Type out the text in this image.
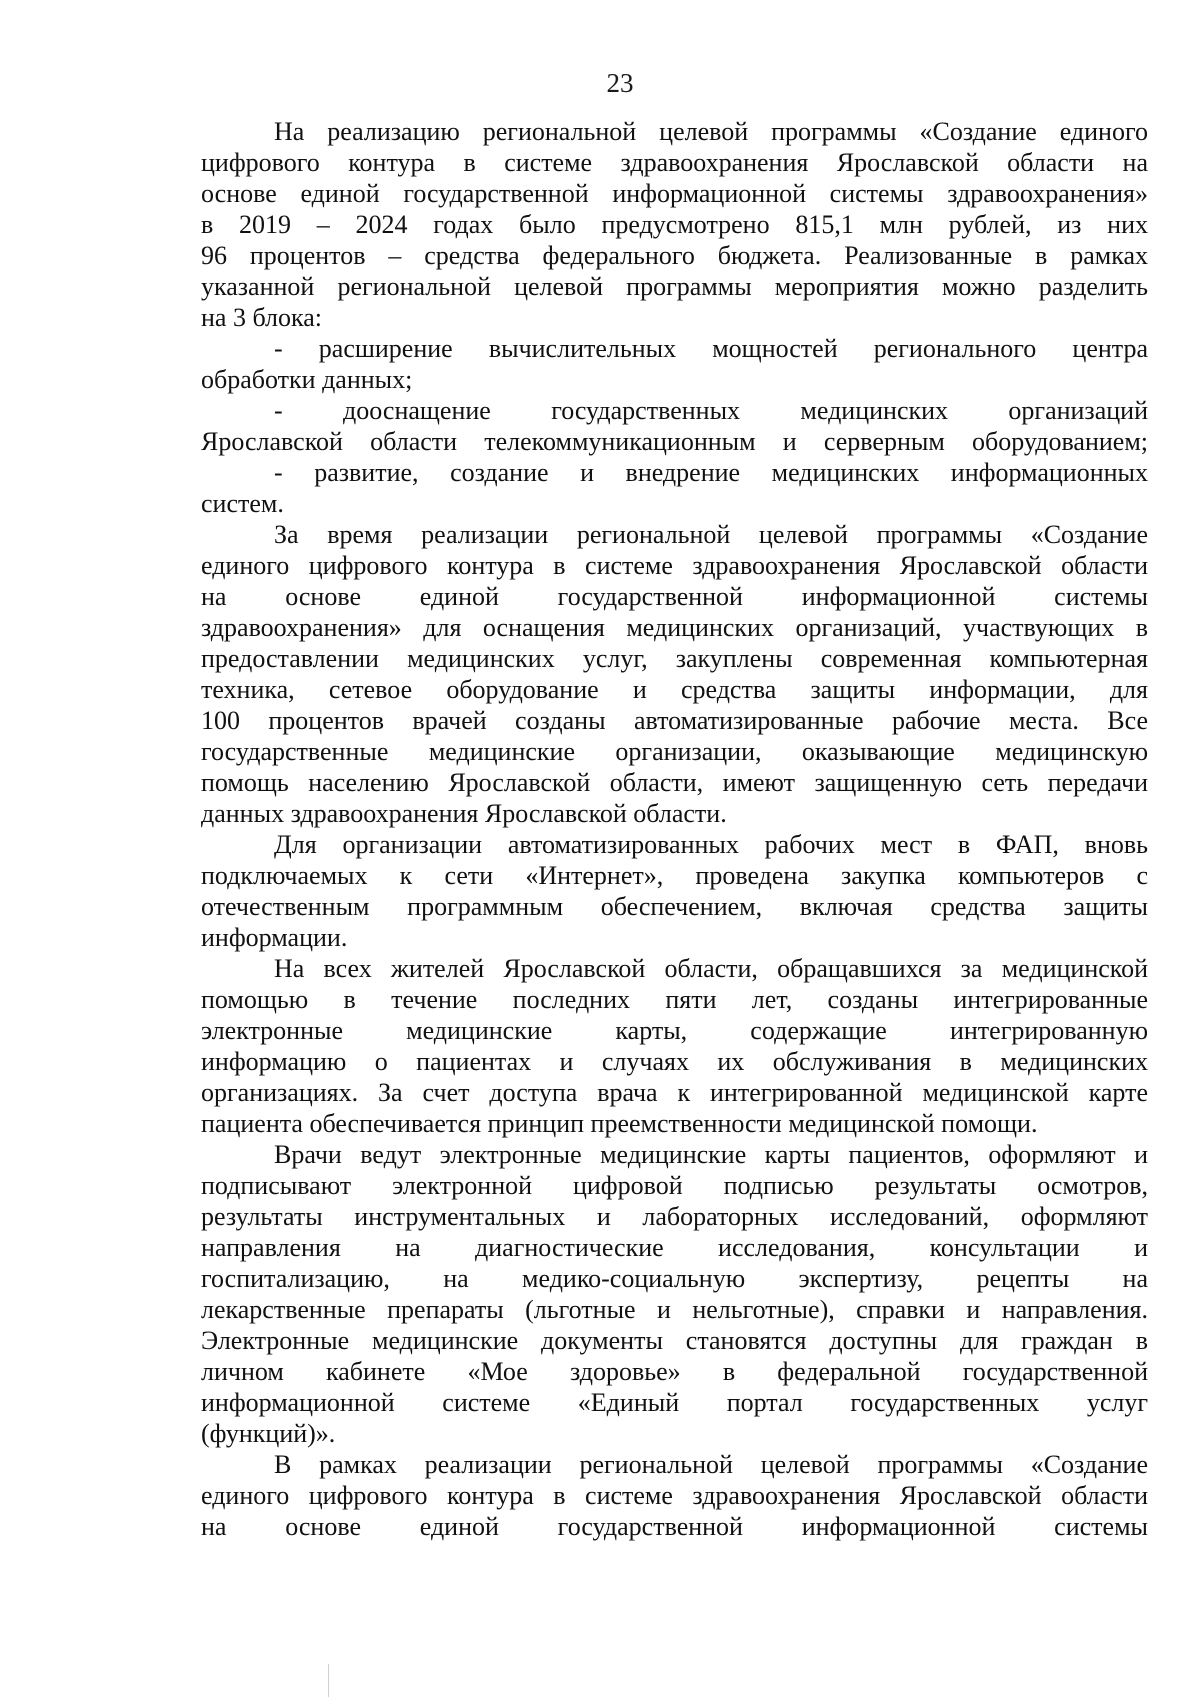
23
На реализацию региональной целевой программы «Создание единого
цифрового контура в системе здравоохранения Ярославской области на
основе единой государственной информационной системы здравоохранения»
в 2019 – 2024 годах было предусмотрено 815,1 млн рублей, из них
96 процентов – средства федерального бюджета. Реализованные в рамках
указанной региональной целевой программы мероприятия можно разделить
на 3 блока:
- расширение вычислительных мощностей регионального центра
обработки данных;
- дооснащение государственных медицинских организаций
Ярославской области телекоммуникационным и серверным оборудованием;
- развитие, создание и внедрение медицинских информационных
систем.
За время реализации региональной целевой программы «Создание
единого цифрового контура в системе здравоохранения Ярославской области
на основе единой государственной информационной системы
здравоохранения» для оснащения медицинских организаций, участвующих в
предоставлении медицинских услуг, закуплены современная компьютерная
техника, сетевое оборудование и средства защиты информации, для
100 процентов врачей созданы автоматизированные рабочие места. Все
государственные медицинские организации, оказывающие медицинскую
помощь населению Ярославской области, имеют защищенную сеть передачи
данных здравоохранения Ярославской области.
Для организации автоматизированных рабочих мест в ФАП, вновь
подключаемых к сети «Интернет», проведена закупка компьютеров с
отечественным программным обеспечением, включая средства защиты
информации.
На всех жителей Ярославской области, обращавшихся за медицинской
помощью в течение последних пяти лет, созданы интегрированные
электронные медицинские карты, содержащие интегрированную
информацию о пациентах и случаях их обслуживания в медицинских
организациях. За счет доступа врача к интегрированной медицинской карте
пациента обеспечивается принцип преемственности медицинской помощи.
Врачи ведут электронные медицинские карты пациентов, оформляют и
подписывают электронной цифровой подписью результаты осмотров,
результаты инструментальных и лабораторных исследований, оформляют
направления на диагностические исследования, консультации и
госпитализацию, на медико-социальную экспертизу, рецепты на
лекарственные препараты (льготные и нельготные), справки и направления.
Электронные медицинские документы становятся доступны для граждан в
личном кабинете «Мое здоровье» в федеральной государственной
информационной системе «Единый портал государственных услуг
(функций)».
В рамках реализации региональной целевой программы «Создание
единого цифрового контура в системе здравоохранения Ярославской области
на основе единой государственной информационной системы
